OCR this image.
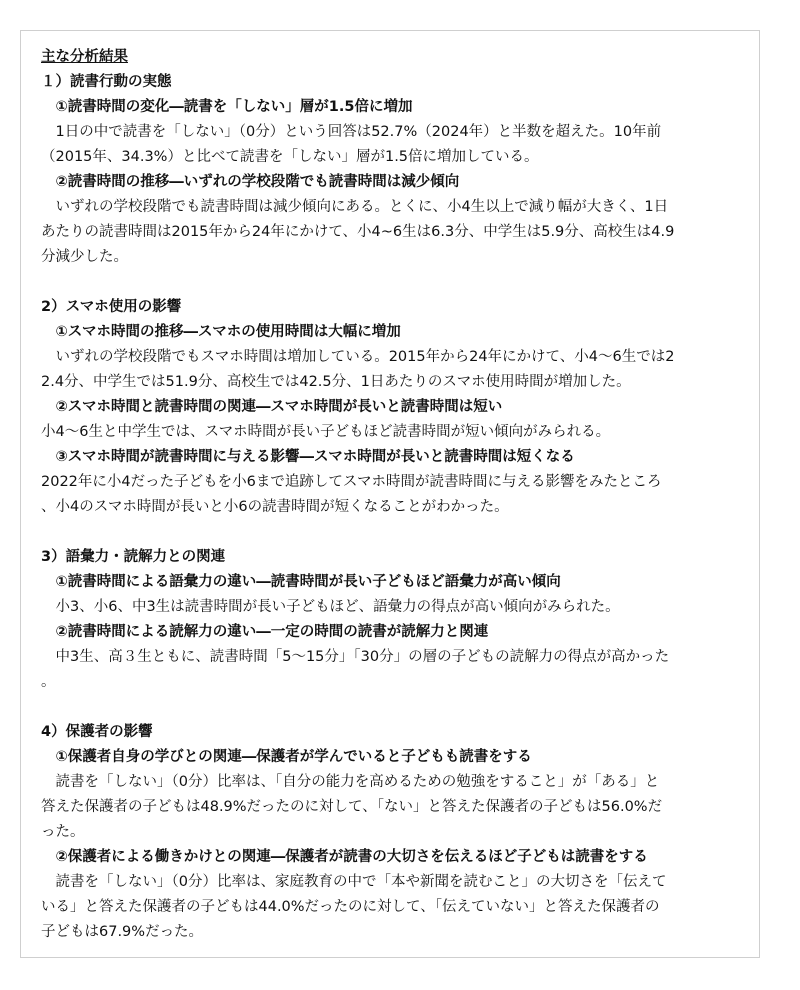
主な分析結果
１）読書行動の実態
　①読書時間の変化―読書を「しない」層が1.5倍に増加
　1日の中で読書を「しない」（0分）という回答は52.7%（2024年）と半数を超えた。10年前
（2015年、34.3%）と比べて読書を「しない」層が1.5倍に増加している。
　②読書時間の推移―いずれの学校段階でも読書時間は減少傾向
　いずれの学校段階でも読書時間は減少傾向にある。とくに、小4生以上で減り幅が大きく、1日
あたりの読書時間は2015年から24年にかけて、小4~6生は6.3分、中学生は5.9分、高校生は4.9
分減少した。
2）スマホ使用の影響
　①スマホ時間の推移―スマホの使用時間は大幅に増加
　いずれの学校段階でもスマホ時間は増加している。2015年から24年にかけて、小4〜6生では2
2.4分、中学生では51.9分、高校生では42.5分、1日あたりのスマホ使用時間が増加した。
　②スマホ時間と読書時間の関連―スマホ時間が長いと読書時間は短い
小4〜6生と中学生では、スマホ時間が長い子どもほど読書時間が短い傾向がみられる。
　③スマホ時間が読書時間に与える影響―スマホ時間が長いと読書時間は短くなる
2022年に小4だった子どもを小6まで追跡してスマホ時間が読書時間に与える影響をみたところ
、小4のスマホ時間が長いと小6の読書時間が短くなることがわかった。
3）語彙力・読解力との関連
　①読書時間による語彙力の違い―読書時間が長い子どもほど語彙力が高い傾向
　小3、小6、中3生は読書時間が長い子どもほど、語彙力の得点が高い傾向がみられた。
　②読書時間による読解力の違い―一定の時間の読書が読解力と関連
　中3生、高３生ともに、読書時間「5〜15分」「30分」の層の子どもの読解力の得点が高かった
。
4）保護者の影響
　①保護者自身の学びとの関連―保護者が学んでいると子どもも読書をする
　読書を「しない」（0分）比率は、「自分の能力を高めるための勉強をすること」が「ある」と
答えた保護者の子どもは48.9%だったのに対して、「ない」と答えた保護者の子どもは56.0%だ
った。
　②保護者による働きかけとの関連―保護者が読書の大切さを伝えるほど子どもは読書をする
　読書を「しない」（0分）比率は、家庭教育の中で「本や新聞を読むこと」の大切さを「伝えて
いる」と答えた保護者の子どもは44.0%だったのに対して、「伝えていない」と答えた保護者の
子どもは67.9%だった。
